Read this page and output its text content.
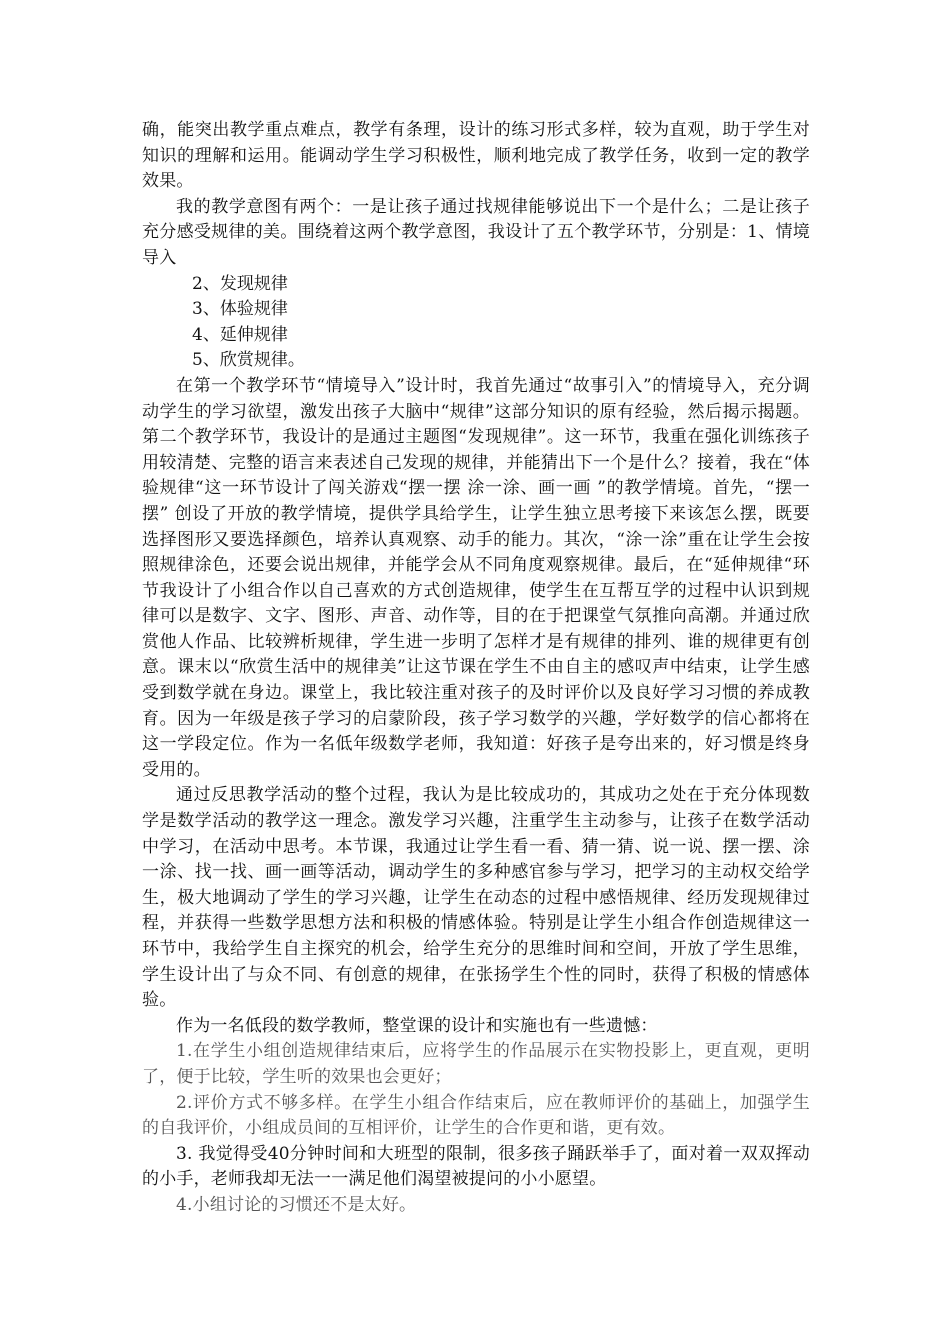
确，能突出教学重点难点，教学有条理，设计的练习形式多样，较为直观，助于学生对知识的理解和运用。能调动学生学习积极性，顺利地完成了教学任务，收到一定的教学效果。

我的教学意图有两个：一是让孩子通过找规律能够说出下一个是什么；二是让孩子充分感受规律的美。围绕着这两个教学意图，我设计了五个教学环节，分别是：1、情境导入

2、发现规律

3、体验规律

4、延伸规律

5、欣赏规律。

在第一个教学环节“情境导入”设计时，我首先通过“故事引入”的情境导入，充分调动学生的学习欲望，激发出孩子大脑中“规律”这部分知识的原有经验，然后揭示揭题。第二个教学环节，我设计的是通过主题图“发现规律”。这一环节，我重在强化训练孩子用较清楚、完整的语言来表述自己发现的规律，并能猜出下一个是什么？接着，我在“体验规律“这一环节设计了闯关游戏“摆一摆 涂一涂、画一画 ”的教学情境。首先，“摆一摆” 创设了开放的教学情境，提供学具给学生，让学生独立思考接下来该怎么摆，既要选择图形又要选择颜色，培养认真观察、动手的能力。其次，“涂一涂”重在让学生会按照规律涂色，还要会说出规律，并能学会从不同角度观察规律。最后，在“延伸规律“环节我设计了小组合作以自己喜欢的方式创造规律，使学生在互帮互学的过程中认识到规律可以是数字、文字、图形、声音、动作等，目的在于把课堂气氛推向高潮。并通过欣赏他人作品、比较辨析规律，学生进一步明了怎样才是有规律的排列、谁的规律更有创意。课末以“欣赏生活中的规律美”让这节课在学生不由自主的感叹声中结束，让学生感受到数学就在身边。课堂上，我比较注重对孩子的及时评价以及良好学习习惯的养成教育。因为一年级是孩子学习的启蒙阶段，孩子学习数学的兴趣，学好数学的信心都将在这一学段定位。作为一名低年级数学老师，我知道：好孩子是夸出来的，好习惯是终身受用的。

通过反思教学活动的整个过程，我认为是比较成功的，其成功之处在于充分体现数学是数学活动的教学这一理念。激发学习兴趣，注重学生主动参与，让孩子在数学活动中学习，在活动中思考。本节课，我通过让学生看一看、猜一猜、说一说、摆一摆、涂一涂、找一找、画一画等活动，调动学生的多种感官参与学习，把学习的主动权交给学生，极大地调动了学生的学习兴趣，让学生在动态的过程中感悟规律、经历发现规律过程，并获得一些数学思想方法和积极的情感体验。特别是让学生小组合作创造规律这一环节中，我给学生自主探究的机会，给学生充分的思维时间和空间，开放了学生思维，学生设计出了与众不同、有创意的规律，在张扬学生个性的同时，获得了积极的情感体验。

作为一名低段的数学教师，整堂课的设计和实施也有一些遗憾：

1.在学生小组创造规律结束后，应将学生的作品展示在实物投影上，更直观，更明了，便于比较，学生听的效果也会更好；

2.评价方式不够多样。在学生小组合作结束后，应在教师评价的基础上，加强学生的自我评价，小组成员间的互相评价，让学生的合作更和谐，更有效。

3. 我觉得受40分钟时间和大班型的限制，很多孩子踊跃举手了，面对着一双双挥动的小手，老师我却无法一一满足他们渴望被提问的小小愿望。

4.小组讨论的习惯还不是太好。
